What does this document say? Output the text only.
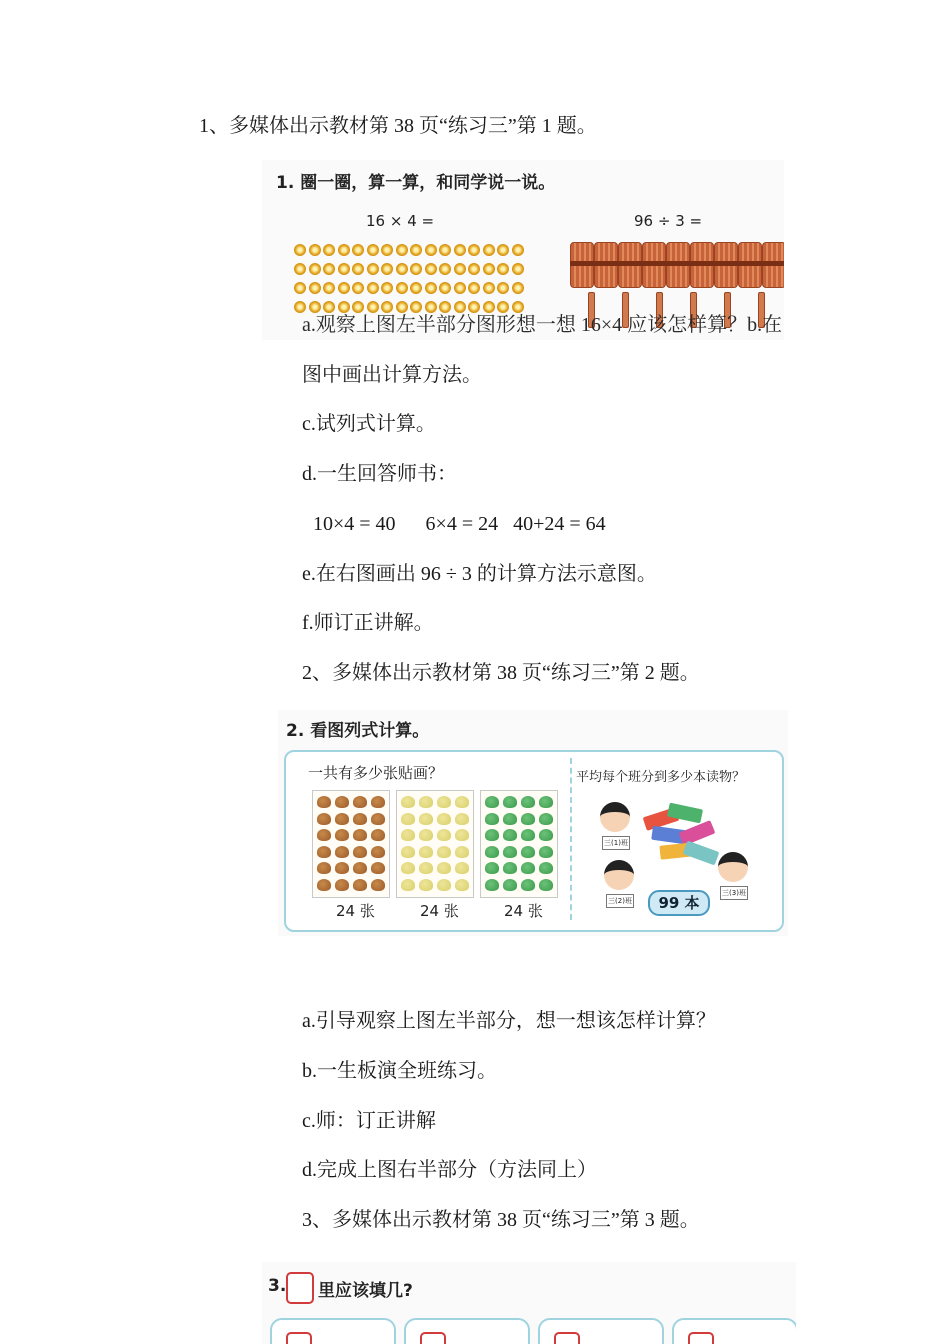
1、多媒体出示教材第 38 页“练习三”第 1 题。
1. 圈一圈，算一算，和同学说一说。
16 × 4 =	96 ÷ 3 =
a.观察上图左半部分图形想一想 16×4 应该怎样算？b.在
图中画出计算方法。
c.试列式计算。
d.一生回答师书：
10×4 = 40      6×4 = 24   40+24 = 64
e.在右图画出 96 ÷ 3 的计算方法示意图。
f.师订正讲解。
2、多媒体出示教材第 38 页“练习三”第 2 题。
2. 看图列式计算。
一共有多少张贴画？	平均每个班分到多少本读物？
24 张	24 张	24 张
三(1)班
三(2)班
三(3)班
99 本
a.引导观察上图左半部分，想一想该怎样计算？
b.一生板演全班练习。
c.师：订正讲解
d.完成上图右半部分（方法同上）
3、多媒体出示教材第 38 页“练习三”第 3 题。
3. 里应该填几?
